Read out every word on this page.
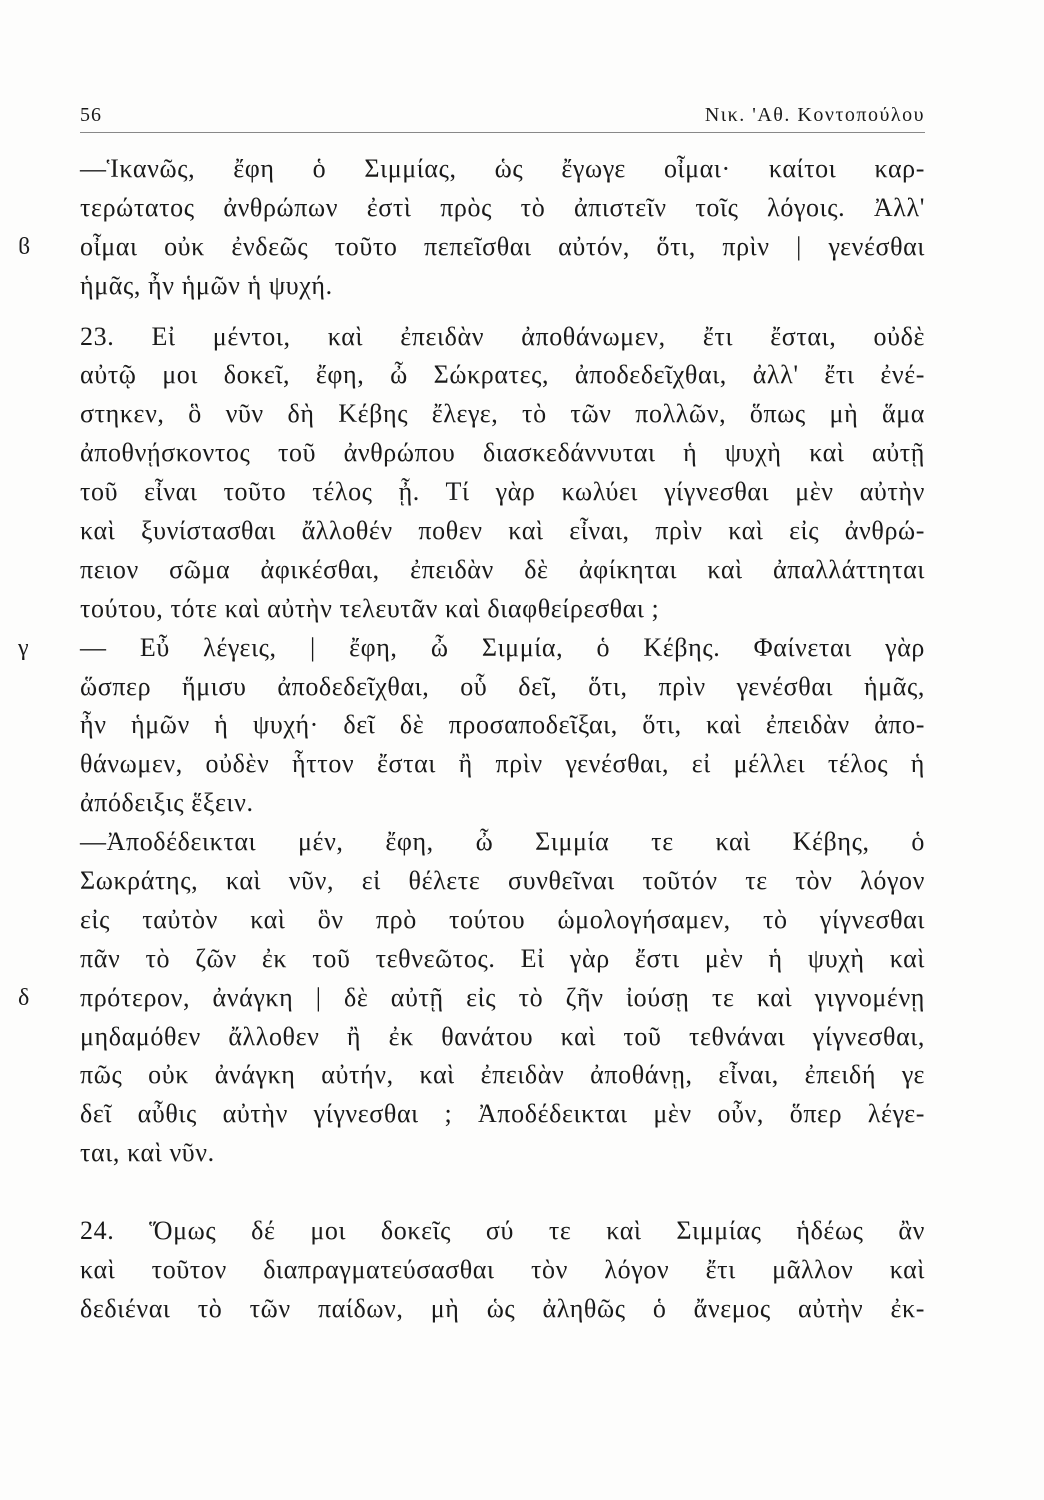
56	Νικ. 'Αθ. Κοντοπούλου
—Ἱκανῶς, ἔφη ὁ Σιμμίας, ὡς ἔγωγε οἶμαι· καίτοι καρ-
τερώτατος ἀνθρώπων ἐστὶ πρὸς τὸ ἀπιστεῖν τοῖς λόγοις. Ἀλλ'
ϐ οἶμαι οὐκ ἐνδεῶς τοῦτο πεπεῖσθαι αὐτόν, ὅτι, πρὶν | γενέσθαι
ἡμᾶς, ἦν ἡμῶν ἡ ψυχή.
23. Εἰ μέντοι, καὶ ἐπειδὰν ἀποθάνωμεν, ἔτι ἔσται, οὐδὲ
αὐτῷ μοι δοκεῖ, ἔφη, ὦ Σώκρατες, ἀποδεδεῖχθαι, ἀλλ' ἔτι ἐνέ-
στηκεν, ὃ νῦν δὴ Κέβης ἔλεγε, τὸ τῶν πολλῶν, ὅπως μὴ ἅμα
ἀποθνῄσκοντος τοῦ ἀνθρώπου διασκεδάννυται ἡ ψυχὴ καὶ αὐτῇ
τοῦ εἶναι τοῦτο τέλος ᾖ. Τί γὰρ κωλύει γίγνεσθαι μὲν αὐτὴν
καὶ ξυνίστασθαι ἄλλοθέν ποθεν καὶ εἶναι, πρὶν καὶ εἰς ἀνθρώ-
πειον σῶμα ἀφικέσθαι, ἐπειδὰν δὲ ἀφίκηται καὶ ἀπαλλάττηται
τούτου, τότε καὶ αὐτὴν τελευτᾶν καὶ διαφθείρεσθαι ;
γ — Εὖ λέγεις, | ἔφη, ὦ Σιμμία, ὁ Κέβης. Φαίνεται γὰρ
ὥσπερ ἥμισυ ἀποδεδεῖχθαι, οὗ δεῖ, ὅτι, πρὶν γενέσθαι ἡμᾶς,
ἦν ἡμῶν ἡ ψυχή· δεῖ δὲ προσαποδεῖξαι, ὅτι, καὶ ἐπειδὰν ἀπο-
θάνωμεν, οὐδὲν ἧττον ἔσται ἢ πρὶν γενέσθαι, εἰ μέλλει τέλος ἡ
ἀπόδειξις ἕξειν.
—Ἀποδέδεικται μέν, ἔφη, ὦ Σιμμία τε καὶ Κέβης, ὁ
Σωκράτης, καὶ νῦν, εἰ θέλετε συνθεῖναι τοῦτόν τε τὸν λόγον
εἰς ταὐτὸν καὶ ὃν πρὸ τούτου ὡμολογήσαμεν, τὸ γίγνεσθαι
πᾶν τὸ ζῶν ἐκ τοῦ τεθνεῶτος. Εἰ γὰρ ἔστι μὲν ἡ ψυχὴ καὶ
δ πρότερον, ἀνάγκη | δὲ αὐτῇ εἰς τὸ ζῆν ἰούσῃ τε καὶ γιγνομένῃ
μηδαμόθεν ἄλλοθεν ἢ ἐκ θανάτου καὶ τοῦ τεθνάναι γίγνεσθαι,
πῶς οὐκ ἀνάγκη αὐτήν, καὶ ἐπειδὰν ἀποθάνῃ, εἶναι, ἐπειδή γε
δεῖ αὖθις αὐτὴν γίγνεσθαι ; Ἀποδέδεικται μὲν οὖν, ὅπερ λέγε-
ται, καὶ νῦν.
24. Ὅμως δέ μοι δοκεῖς σύ τε καὶ Σιμμίας ἡδέως ἂν
καὶ τοῦτον διαπραγματεύσασθαι τὸν λόγον ἔτι μᾶλλον καὶ
δεδιέναι τὸ τῶν παίδων, μὴ ὡς ἀληθῶς ὁ ἄνεμος αὐτὴν ἐκ-
